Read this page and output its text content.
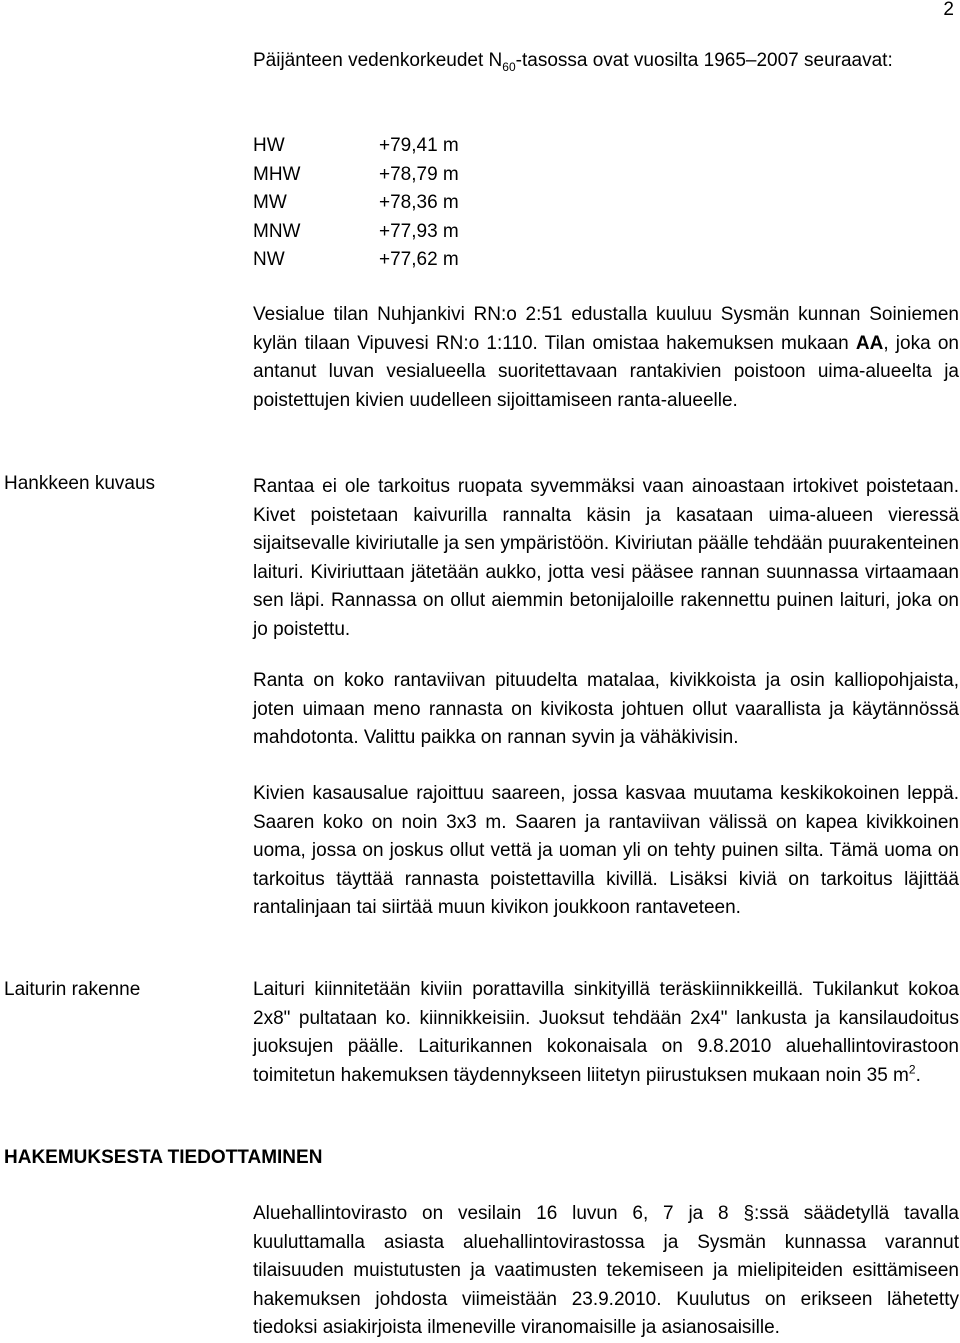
2

Päijänteen vedenkorkeudet $N_{60}$-tasossa ovat vuosilta 1965–2007 seuraavat:

HW	+79,41 m
MHW	+78,79 m
MW	+78,36 m
MNW	+77,93 m
NW	+77,62 m

Vesialue tilan Nuhjankivi RN:o 2:51 edustalla kuuluu Sysmän kunnan Soiniemen kylän tilaan Vipuvesi RN:o 1:110. Tilan omistaa hakemuksen mukaan AA, joka on antanut luvan vesialueella suoritettavaan rantakivien poistoon uima-alueelta ja poistettujen kivien uudelleen sijoittamiseen ranta-alueelle.

Hankkeen kuvaus	Rantaa ei ole tarkoitus ruopata syvemmäksi vaan ainoastaan irtokivet poistetaan. Kivet poistetaan kaivurilla rannalta käsin ja kasataan uima-alueen vieressä sijaitsevalle kiviriutalle ja sen ympäristöön. Kiviriutan päälle tehdään puurakenteinen laituri. Kiviriuttaan jätetään aukko, jotta vesi pääsee rannan suunnassa virtaamaan sen läpi. Rannassa on ollut aiemmin betonijaloille rakennettu puinen laituri, joka on jo poistettu.

Ranta on koko rantaviivan pituudelta matalaa, kivikkoista ja osin kalliopohjaista, joten uimaan meno rannasta on kivikosta johtuen ollut vaarallista ja käytännössä mahdotonta. Valittu paikka on rannan syvin ja vähäkivisin.

Kivien kasausalue rajoittuu saareen, jossa kasvaa muutama keskikokoinen leppä. Saaren koko on noin 3x3 m. Saaren ja rantaviivan välissä on kapea kivikkoinen uoma, jossa on joskus ollut vettä ja uoman yli on tehty puinen silta. Tämä uoma on tarkoitus täyttää rannasta poistettavilla kivillä. Lisäksi kiviä on tarkoitus läjittää rantalinjaan tai siirtää muun kivikon joukkoon rantaveteen.

Laiturin rakenne	Laituri kiinnitetään kiviin porattavilla sinkityillä teräskiinnikkeillä. Tukilankut kokoa 2x8" pultataan ko. kiinnikkeisiin. Juoksut tehdään 2x4" lankusta ja kansilaudoitus juoksujen päälle. Laiturikannen kokonaisala on 9.8.2010 aluehallintovirastoon toimitetun hakemuksen täydennykseen liitetyn piirustuksen mukaan noin 35 $m^2$.

HAKEMUKSESTA TIEDOTTAMINEN

Aluehallintovirasto on vesilain 16 luvun 6, 7 ja 8 §:ssä säädetyllä tavalla kuuluttamalla asiasta aluehallintovirastossa ja Sysmän kunnassa varannut tilaisuuden muistutusten ja vaatimusten tekemiseen ja mielipiteiden esittämiseen hakemuksen johdosta viimeistään 23.9.2010. Kuulutus on erikseen lähetetty tiedoksi asiakirjoista ilmeneville viranomaisille ja asianosaisille.
